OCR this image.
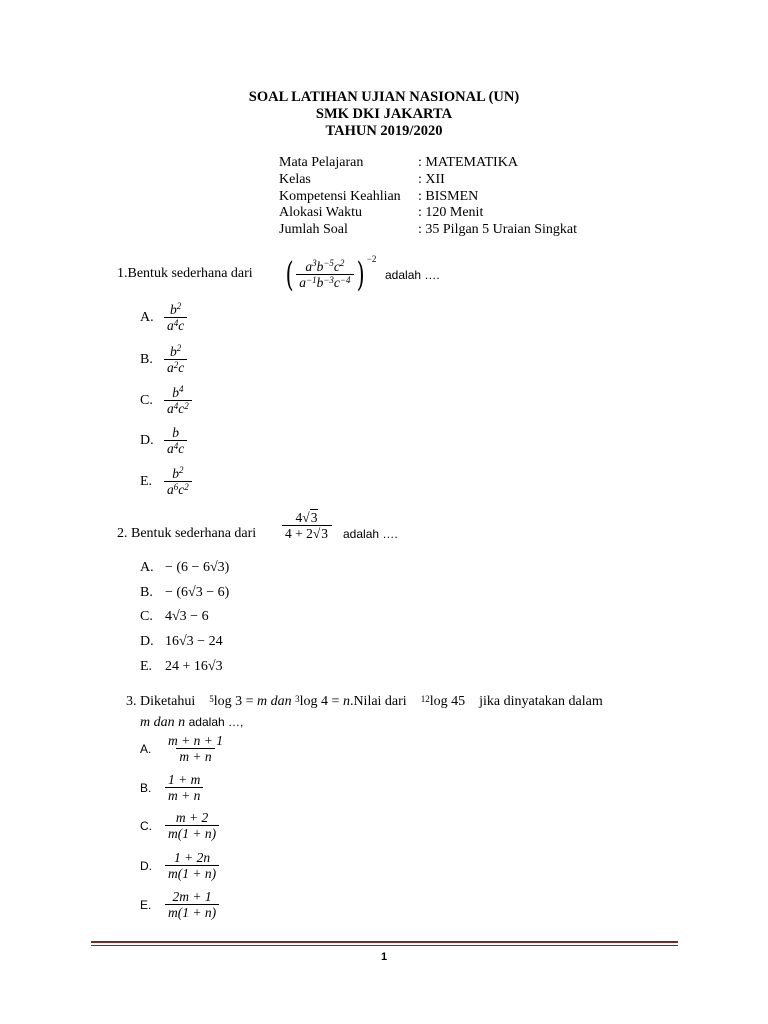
SOAL LATIHAN UJIAN NASIONAL (UN)
SMK DKI JAKARTA
TAHUN 2019/2020
Mata Pelajaran	: MATEMATIKA
Kelas	: XII
Kompetensi Keahlian : BISMEN
Alokasi Waktu	: 120 Menit
Jumlah Soal	: 35 Pilgan 5 Uraian Singkat
1.Bentuk sederhana dari ( $\frac{a^3b^{-5}c^2}{a^{-1}b^{-3}c^{-4}}$ ) $^{-2}$
adalah ….
A. $\frac{b^2}{a^4c}$
B. $\frac{b^2}{a^2c}$
C. $\frac{b^4}{a^4c^2}$
D. $\frac{b}{a^4c}$
E. $\frac{b^2}{a^6c^2}$
2. Bentuk sederhana dari $\frac{4√3}{4 + 2√3}$ adalah ….
A. − (6 − 6√3)
B. − (6√3 − 6)
C. 4√3 − 6
D. 16√3 − 24
E. 24 + 16√3
3. Diketahui $^5$log 3 = m dan $^3$log 4 = n .Nilai dari $^{12}$log 45 jika dinyatakan dalam
m dan n adalah …,
A.	$\frac{m + n + 1}{m + n}$
B.	$\frac{1 + m}{m + n}$
C. $\frac{m + 2}{m(1 + n)}$
D. $\frac{1 + 2n}{m(1 + n)}$
E.	$\frac{2m + 1}{m(1 + n)}$
1
